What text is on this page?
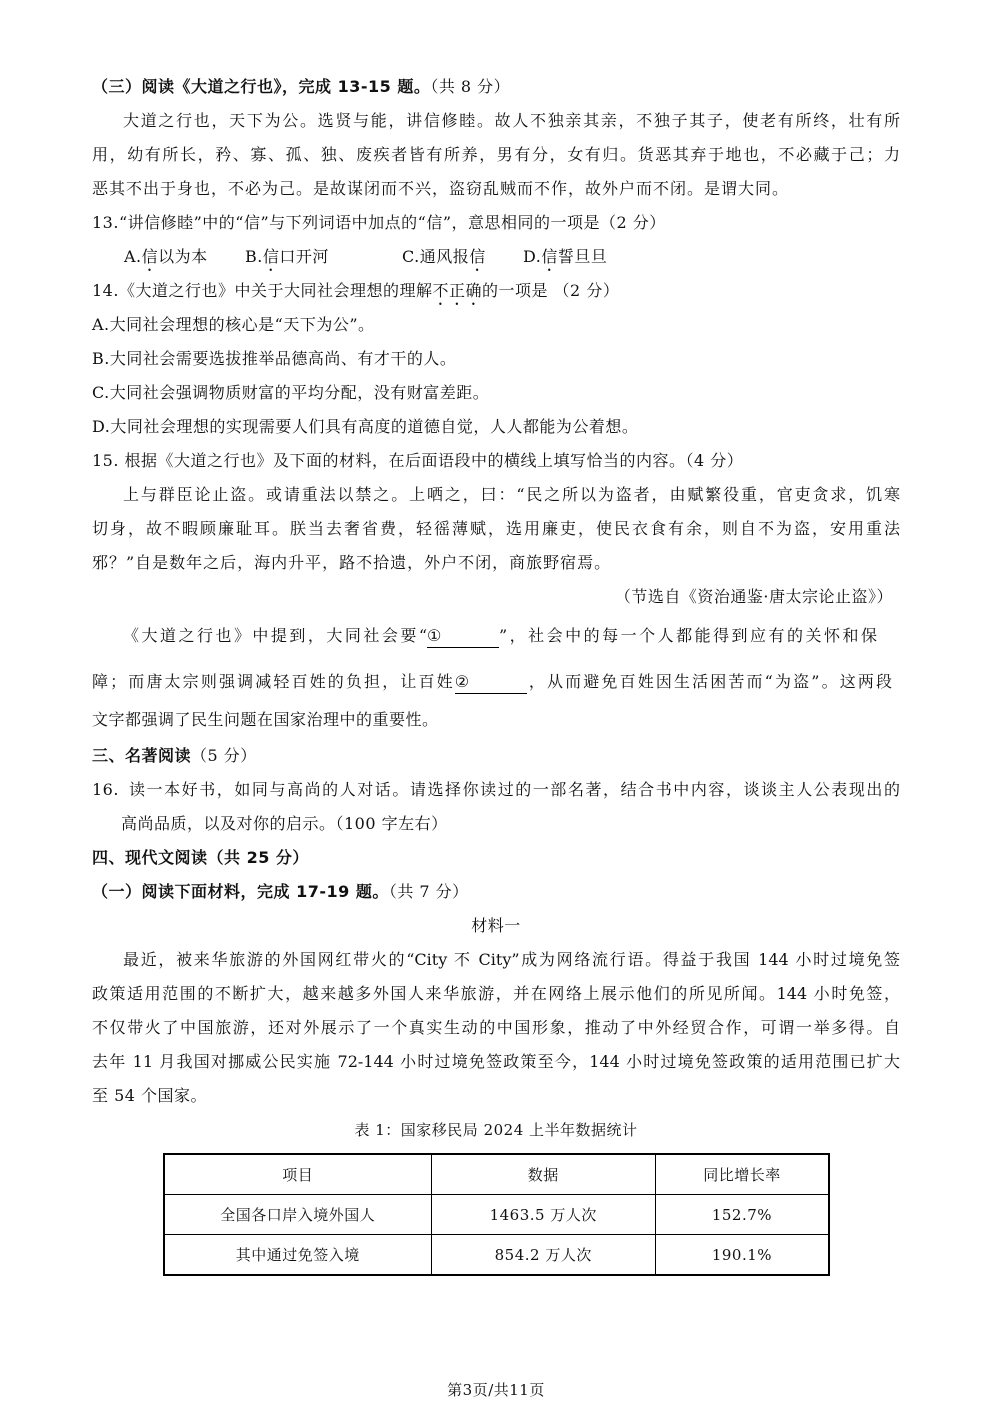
（三）阅读《大道之行也》，完成 13-15 题。（共 8 分）
大道之行也，天下为公。选贤与能，讲信修睦。故人不独亲其亲，不独子其子，使老有所终，壮有所
用，幼有所长，矜、寡、孤、独、废疾者皆有所养，男有分，女有归。货恶其弃于地也，不必藏于己；力
恶其不出于身也，不必为己。是故谋闭而不兴，盗窃乱贼而不作，故外户而不闭。是谓大同。
13.“讲信修睦”中的“信”与下列词语中加点的“信”，意思相同的一项是（2 分）
A.信以为本 B.信口开河	C.通风报信 D.信誓旦旦
14.《大道之行也》中关于大同社会理想的理解不正确的一项是 （2 分）
A.大同社会理想的核心是“天下为公”。
B.大同社会需要选拔推举品德高尚、有才干的人。
C.大同社会强调物质财富的平均分配，没有财富差距。
D.大同社会理想的实现需要人们具有高度的道德自觉，人人都能为公着想。
15. 根据《大道之行也》及下面的材料，在后面语段中的横线上填写恰当的内容。（4 分）
上与群臣论止盗。或请重法以禁之。上哂之，曰：“民之所以为盗者，由赋繁役重，官吏贪求，饥寒
切身，故不暇顾廉耻耳。朕当去奢省费，轻徭薄赋，选用廉吏，使民衣食有余，则自不为盗，安用重法
邪？”自是数年之后，海内升平，路不拾遗，外户不闭，商旅野宿焉。
（节选自《资治通鉴·唐太宗论止盗》）
《大道之行也》中提到，大同社会要“①	”，社会中的每一个人都能得到应有的关怀和保
障；而唐太宗则强调减轻百姓的负担，让百姓②	，从而避免百姓因生活困苦而“为盗”。这两段
文字都强调了民生问题在国家治理中的重要性。
三、名著阅读（5 分）
16. 读一本好书，如同与高尚的人对话。请选择你读过的一部名著，结合书中内容，谈谈主人公表现出的
高尚品质，以及对你的启示。（100 字左右）
四、现代文阅读（共 25 分）
（一）阅读下面材料，完成 17-19 题。（共 7 分）
材料一
最近，被来华旅游的外国网红带火的“City 不 City”成为网络流行语。得益于我国 144 小时过境免签
政策适用范围的不断扩大，越来越多外国人来华旅游，并在网络上展示他们的所见所闻。144 小时免签，
不仅带火了中国旅游，还对外展示了一个真实生动的中国形象，推动了中外经贸合作，可谓一举多得。自
去年 11 月我国对挪威公民实施 72-144 小时过境免签政策至今，144 小时过境免签政策的适用范围已扩大
至 54 个国家。
表 1：国家移民局 2024 上半年数据统计
项目	数据	同比增长率
全国各口岸入境外国人	1463.5 万人次	152.7%
其中通过免签入境	854.2 万人次	190.1%
第3页/共11页
